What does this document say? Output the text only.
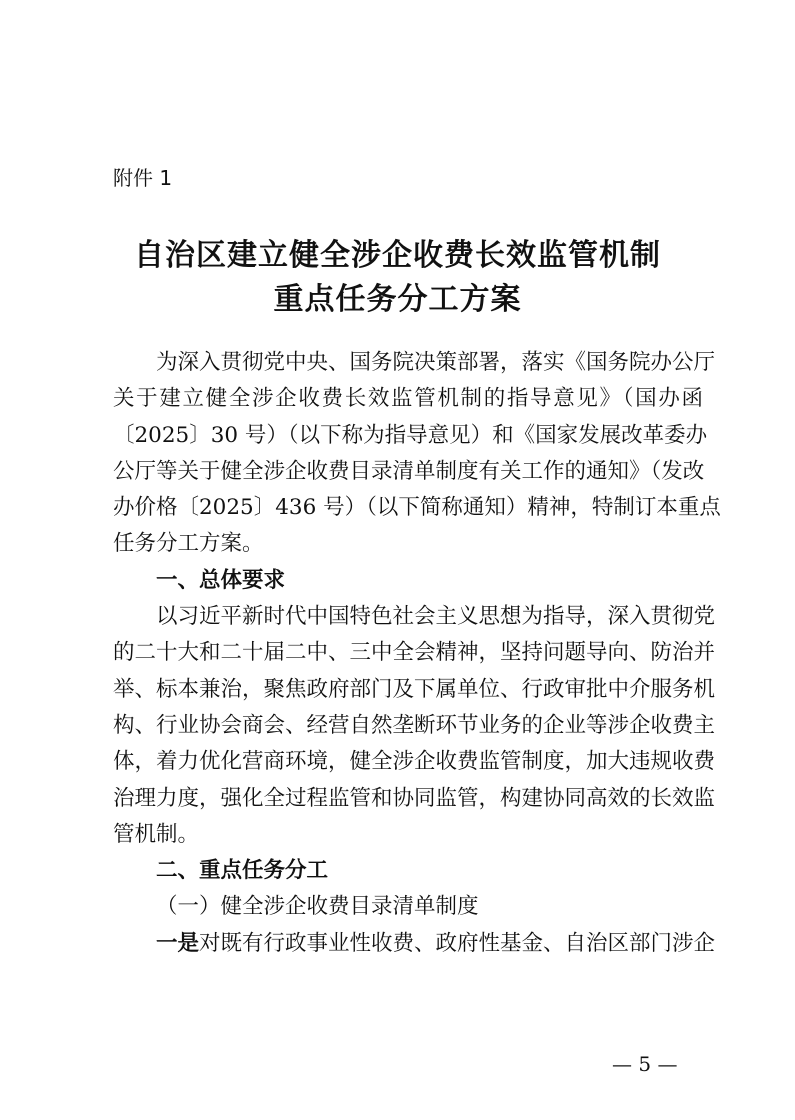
附件 1
自治区建立健全涉企收费长效监管机制
重点任务分工方案
为深入贯彻党中央、国务院决策部署，落实《国务院办公厅
关于建立健全涉企收费长效监管机制的指导意见》（国办函
〔2025〕30 号）（以下称为指导意见）和《国家发展改革委办
公厅等关于健全涉企收费目录清单制度有关工作的通知》（发改
办价格〔2025〕436 号）（以下简称通知）精神，特制订本重点
任务分工方案。
一、总体要求
以习近平新时代中国特色社会主义思想为指导，深入贯彻党
的二十大和二十届二中、三中全会精神，坚持问题导向、防治并
举、标本兼治，聚焦政府部门及下属单位、行政审批中介服务机
构、行业协会商会、经营自然垄断环节业务的企业等涉企收费主
体，着力优化营商环境，健全涉企收费监管制度，加大违规收费
治理力度，强化全过程监管和协同监管，构建协同高效的长效监
管机制。
二、重点任务分工
（一）健全涉企收费目录清单制度
一是对既有行政事业性收费、政府性基金、自治区部门涉企
— 5 —
